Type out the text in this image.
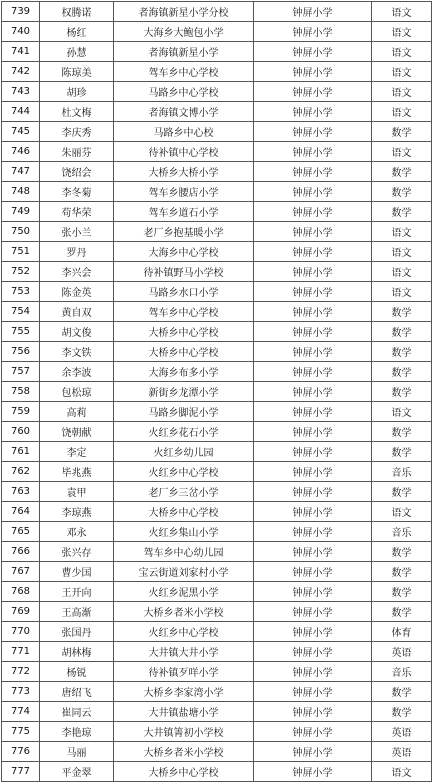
739	权腾诺	者海镇新星小学分校	钟屏小学	语文
740	杨红	大海乡大鲍包小学	钟屏小学	语文
741	孙慧	者海镇新星小学	钟屏小学	语文
742	陈琼美	驾车乡中心学校	钟屏小学	语文
743	胡珍	马路乡中心学校	钟屏小学	语文
744	杜文梅	者海镇文博小学	钟屏小学	语文
745	李庆秀	马路乡中心校	钟屏小学	数学
746	朱丽芬	待补镇中心学校	钟屏小学	语文
747	饶绍会	大桥乡大桥小学	钟屏小学	数学
748	李冬菊	驾车乡腰店小学	钟屏小学	数学
749	苟华荣	驾车乡道石小学	钟屏小学	数学
750	张小兰	老厂乡抱基暖小学	钟屏小学	语文
751	罗丹	大海乡中心学校	钟屏小学	语文
752	李兴会	待补镇野马小学校	钟屏小学	语文
753	陈金英	马路乡水口小学	钟屏小学	语文
754	黄自双	驾车乡中心学校	钟屏小学	数学
755	胡文俊	大桥乡中心学校	钟屏小学	数学
756	李文铁	大桥乡中心学校	钟屏小学	数学
757	余李波	大海乡布多小学	钟屏小学	数学
758	包松琼	新街乡龙潭小学	钟屏小学	数学
759	高莉	马路乡脚泥小学	钟屏小学	语文
760	饶朝献	火红乡花石小学	钟屏小学	数学
761	李定	火红乡幼儿园	钟屏小学	数学
762	毕兆燕	火红乡中心学校	钟屏小学	音乐
763	袁甲	老厂乡三岔小学	钟屏小学	数学
764	李琼燕	大桥乡中心学校	钟屏小学	语文
765	邓永	火红乡集山小学	钟屏小学	音乐
766	张兴存	驾车乡中心幼儿园	钟屏小学	数学
767	曹少国	宝云街道刘家村小学	钟屏小学	数学
768	王开向	火红乡泥黑小学	钟屏小学	数学
769	王高渐	大桥乡者米小学校	钟屏小学	数学
770	张国丹	火红乡中心学校	钟屏小学	体育
771	胡林梅	大井镇大井小学	钟屏小学	英语
772	杨锐	待补镇歹咩小学	钟屏小学	音乐
773	唐绍飞	大桥乡李家湾小学	钟屏小学	数学
774	崔同云	大井镇盐塘小学	钟屏小学	数学
775	李艳琼	大井镇箐初小学校	钟屏小学	英语
776	马丽	大桥乡者米小学校	钟屏小学	英语
777	平金翠	大桥乡中心学校	钟屏小学	语文
